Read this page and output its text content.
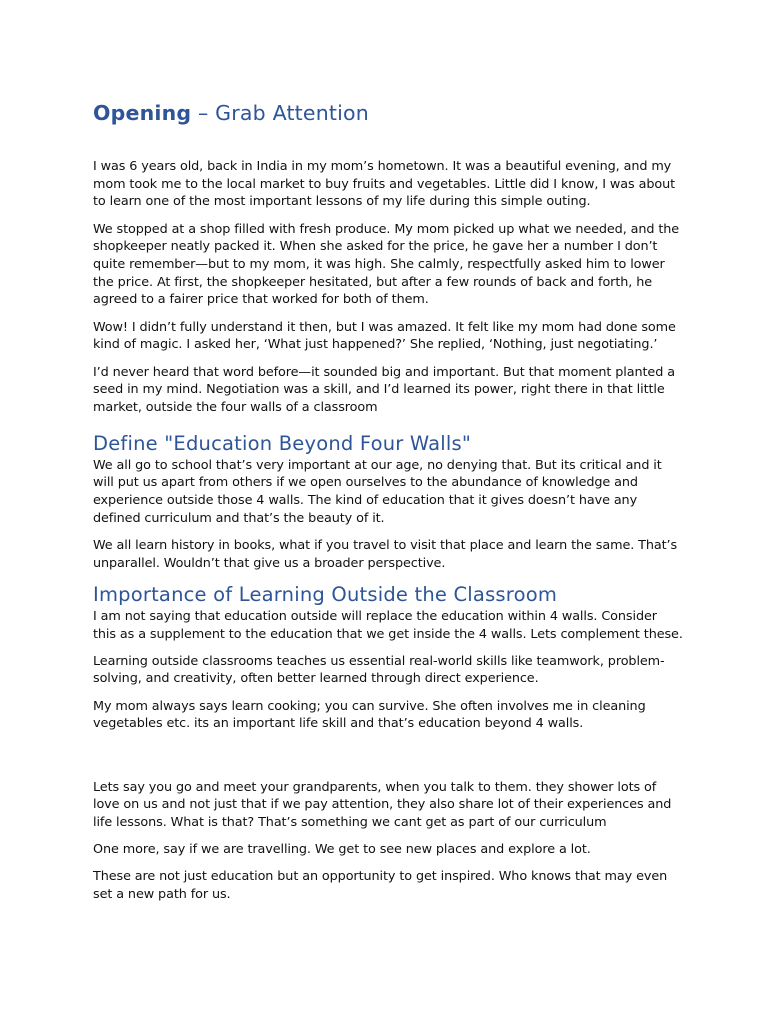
Opening – Grab Attention

I was 6 years old, back in India in my mom’s hometown. It was a beautiful evening, and my mom took me to the local market to buy fruits and vegetables. Little did I know, I was about to learn one of the most important lessons of my life during this simple outing.

We stopped at a shop filled with fresh produce. My mom picked up what we needed, and the shopkeeper neatly packed it. When she asked for the price, he gave her a number I don’t quite remember—but to my mom, it was high. She calmly, respectfully asked him to lower the price. At first, the shopkeeper hesitated, but after a few rounds of back and forth, he agreed to a fairer price that worked for both of them.

Wow! I didn’t fully understand it then, but I was amazed. It felt like my mom had done some kind of magic. I asked her, ‘What just happened?’ She replied, ‘Nothing, just negotiating.’

I’d never heard that word before—it sounded big and important. But that moment planted a seed in my mind. Negotiation was a skill, and I’d learned its power, right there in that little market, outside the four walls of a classroom

Define "Education Beyond Four Walls"

We all go to school that’s very important at our age, no denying that. But its critical and it will put us apart from others if we open ourselves to the abundance of knowledge and experience outside those 4 walls. The kind of education that it gives doesn’t have any defined curriculum and that’s the beauty of it.

We all learn history in books, what if you travel to visit that place and learn the same. That’s unparallel. Wouldn’t that give us a broader perspective.

Importance of Learning Outside the Classroom

I am not saying that education outside will replace the education within 4 walls. Consider this as a supplement to the education that we get inside the 4 walls. Lets complement these.

Learning outside classrooms teaches us essential real-world skills like teamwork, problem-solving, and creativity, often better learned through direct experience.

My mom always says learn cooking; you can survive. She often involves me in cleaning vegetables etc. its an important life skill and that’s education beyond 4 walls.

Lets say you go and meet your grandparents, when you talk to them. they shower lots of love on us and not just that if we pay attention, they also share lot of their experiences and life lessons. What is that? That’s something we cant get as part of our curriculum

One more, say if we are travelling. We get to see new places and explore a lot.

These are not just education but an opportunity to get inspired. Who knows that may even set a new path for us.
